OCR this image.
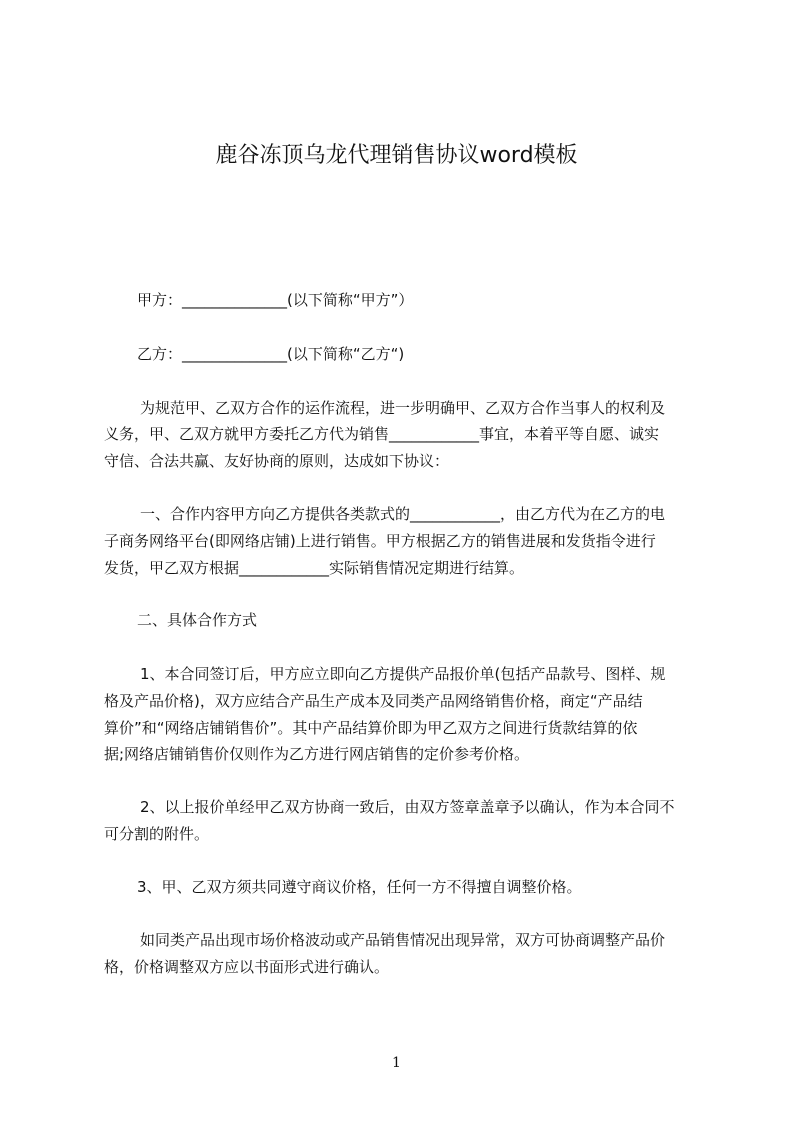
鹿谷冻顶乌龙代理销售协议word模板
甲方：______________(以下简称“甲方”）
乙方：______________(以下简称“乙方“)
为规范甲、乙双方合作的运作流程，进一步明确甲、乙双方合作当事人的权利及
义务，甲、乙双方就甲方委托乙方代为销售____________事宜，本着平等自愿、诚实
守信、合法共赢、友好协商的原则，达成如下协议：
一、合作内容甲方向乙方提供各类款式的____________，由乙方代为在乙方的电
子商务网络平台(即网络店铺)上进行销售。甲方根据乙方的销售进展和发货指令进行
发货，甲乙双方根据____________实际销售情况定期进行结算。
二、具体合作方式
1、本合同签订后，甲方应立即向乙方提供产品报价单(包括产品款号、图样、规
格及产品价格)，双方应结合产品生产成本及同类产品网络销售价格，商定“产品结
算价”和“网络店铺销售价”。其中产品结算价即为甲乙双方之间进行货款结算的依
据;网络店铺销售价仅则作为乙方进行网店销售的定价参考价格。
2、以上报价单经甲乙双方协商一致后，由双方签章盖章予以确认，作为本合同不
可分割的附件。
3、甲、乙双方须共同遵守商议价格，任何一方不得擅自调整价格。
如同类产品出现市场价格波动或产品销售情况出现异常，双方可协商调整产品价
格，价格调整双方应以书面形式进行确认。
1
